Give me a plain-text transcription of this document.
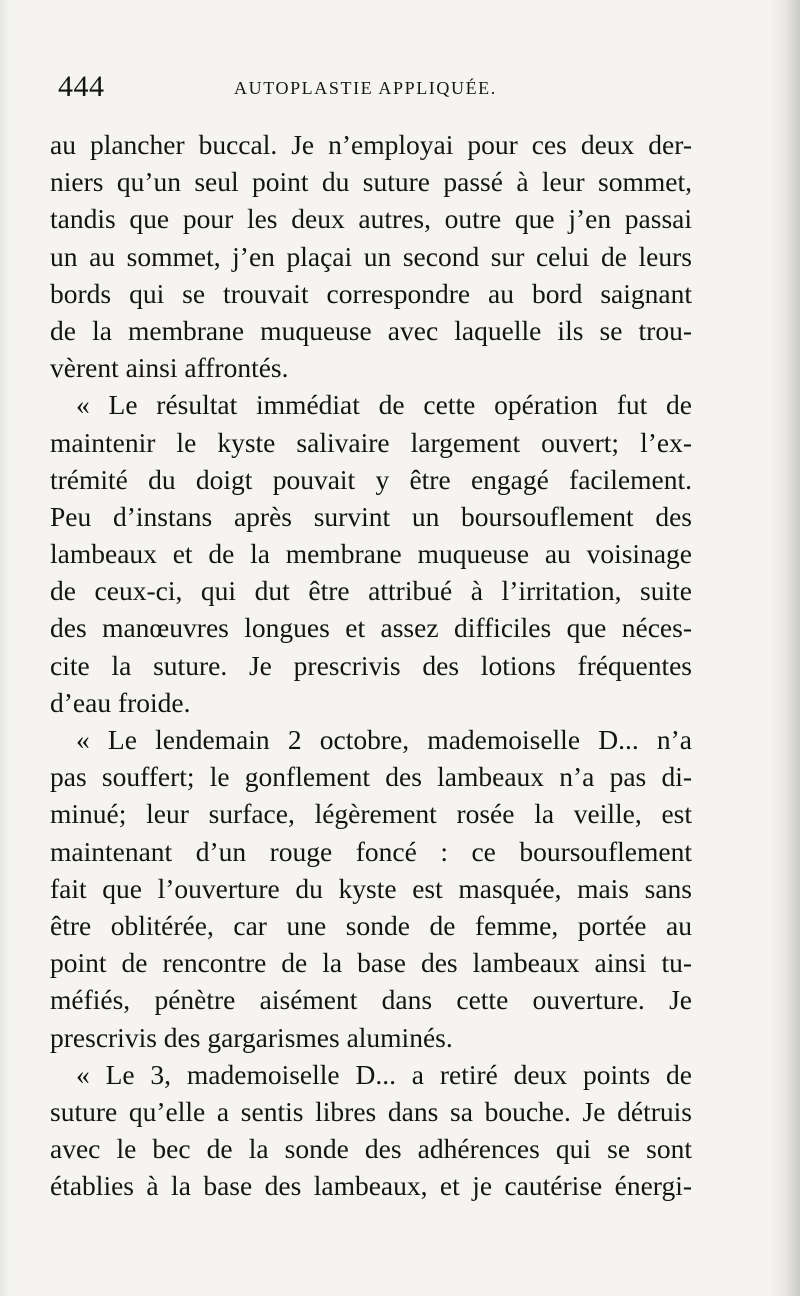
444	AUTOPLASTIE APPLIQUÉE.
au plancher buccal. Je n’employai pour ces deux der-
niers qu’un seul point du suture passé à leur sommet,
tandis que pour les deux autres, outre que j’en passai
un au sommet, j’en plaçai un second sur celui de leurs
bords qui se trouvait correspondre au bord saignant
de la membrane muqueuse avec laquelle ils se trou-
vèrent ainsi affrontés.
« Le résultat immédiat de cette opération fut de
maintenir le kyste salivaire largement ouvert; l’ex-
trémité du doigt pouvait y être engagé facilement.
Peu d’instans après survint un boursouflement des
lambeaux et de la membrane muqueuse au voisinage
de ceux-ci, qui dut être attribué à l’irritation, suite
des manœuvres longues et assez difficiles que néces-
cite la suture. Je prescrivis des lotions fréquentes
d’eau froide.
« Le lendemain 2 octobre, mademoiselle D... n’a
pas souffert; le gonflement des lambeaux n’a pas di-
minué; leur surface, légèrement rosée la veille, est
maintenant d’un rouge foncé : ce boursouflement
fait que l’ouverture du kyste est masquée, mais sans
être oblitérée, car une sonde de femme, portée au
point de rencontre de la base des lambeaux ainsi tu-
méfiés, pénètre aisément dans cette ouverture. Je
prescrivis des gargarismes aluminés.
« Le 3, mademoiselle D... a retiré deux points de
suture qu’elle a sentis libres dans sa bouche. Je détruis
avec le bec de la sonde des adhérences qui se sont
établies à la base des lambeaux, et je cautérise énergi-
